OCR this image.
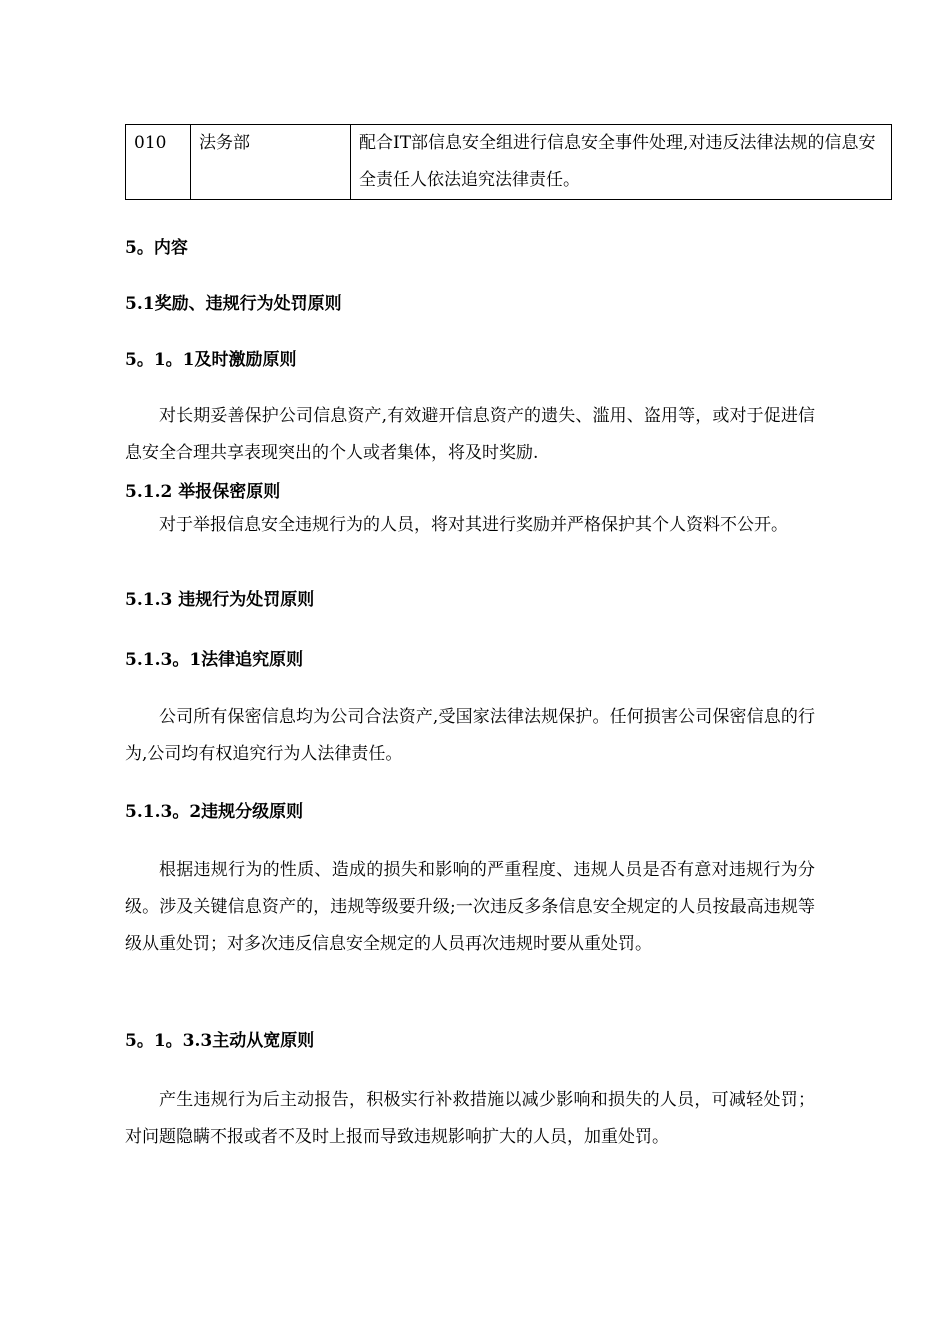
010	法务部	配合IT部信息安全组进行信息安全事件处理,对违反法律法规的信息安全责任人依法追究法律责任。
5。内容
5.1奖励、违规行为处罚原则
5。1。1及时激励原则
对长期妥善保护公司信息资产,有效避开信息资产的遗失、滥用、盗用等，或对于促进信息安全合理共享表现突出的个人或者集体，将及时奖励.
5.1.2 举报保密原则
对于举报信息安全违规行为的人员，将对其进行奖励并严格保护其个人资料不公开。
5.1.3 违规行为处罚原则
5.1.3。1法律追究原则
公司所有保密信息均为公司合法资产,受国家法律法规保护。任何损害公司保密信息的行为,公司均有权追究行为人法律责任。
5.1.3。2违规分级原则
根据违规行为的性质、造成的损失和影响的严重程度、违规人员是否有意对违规行为分级。涉及关键信息资产的，违规等级要升级;一次违反多条信息安全规定的人员按最高违规等级从重处罚；对多次违反信息安全规定的人员再次违规时要从重处罚。
5。1。3.3主动从宽原则
产生违规行为后主动报告，积极实行补救措施以减少影响和损失的人员，可减轻处罚；对问题隐瞒不报或者不及时上报而导致违规影响扩大的人员，加重处罚。
